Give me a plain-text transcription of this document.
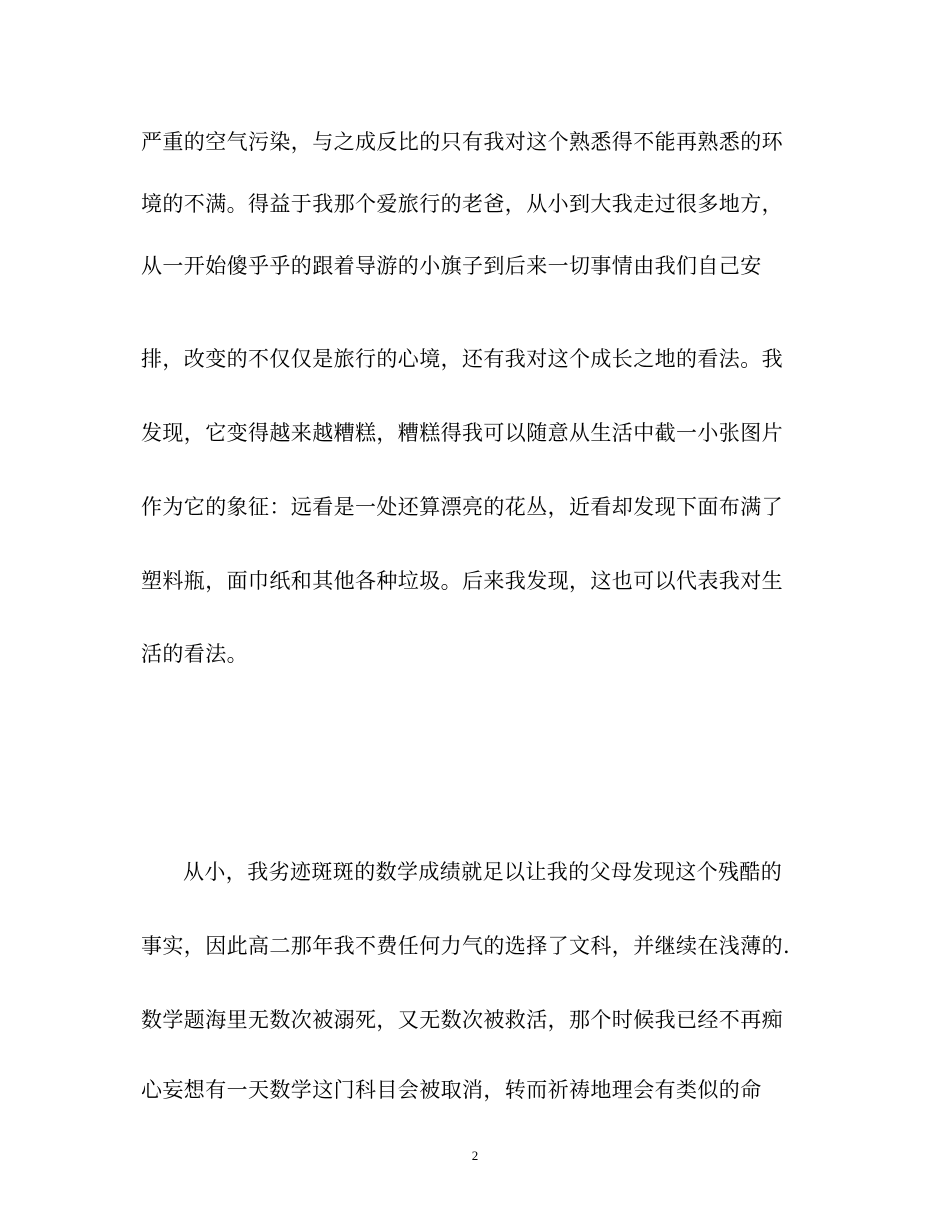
严重的空气污染，与之成反比的只有我对这个熟悉得不能再熟悉的环
境的不满。得益于我那个爱旅行的老爸，从小到大我走过很多地方，
从一开始傻乎乎的跟着导游的小旗子到后来一切事情由我们自己安
排，改变的不仅仅是旅行的心境，还有我对这个成长之地的看法。我
发现，它变得越来越糟糕，糟糕得我可以随意从生活中截一小张图片
作为它的象征：远看是一处还算漂亮的花丛，近看却发现下面布满了
塑料瓶，面巾纸和其他各种垃圾。后来我发现，这也可以代表我对生
活的看法。
从小，我劣迹斑斑的数学成绩就足以让我的父母发现这个残酷的
事实，因此高二那年我不费任何力气的选择了文科，并继续在浅薄的.
数学题海里无数次被溺死，又无数次被救活，那个时候我已经不再痴
心妄想有一天数学这门科目会被取消，转而祈祷地理会有类似的命
2
